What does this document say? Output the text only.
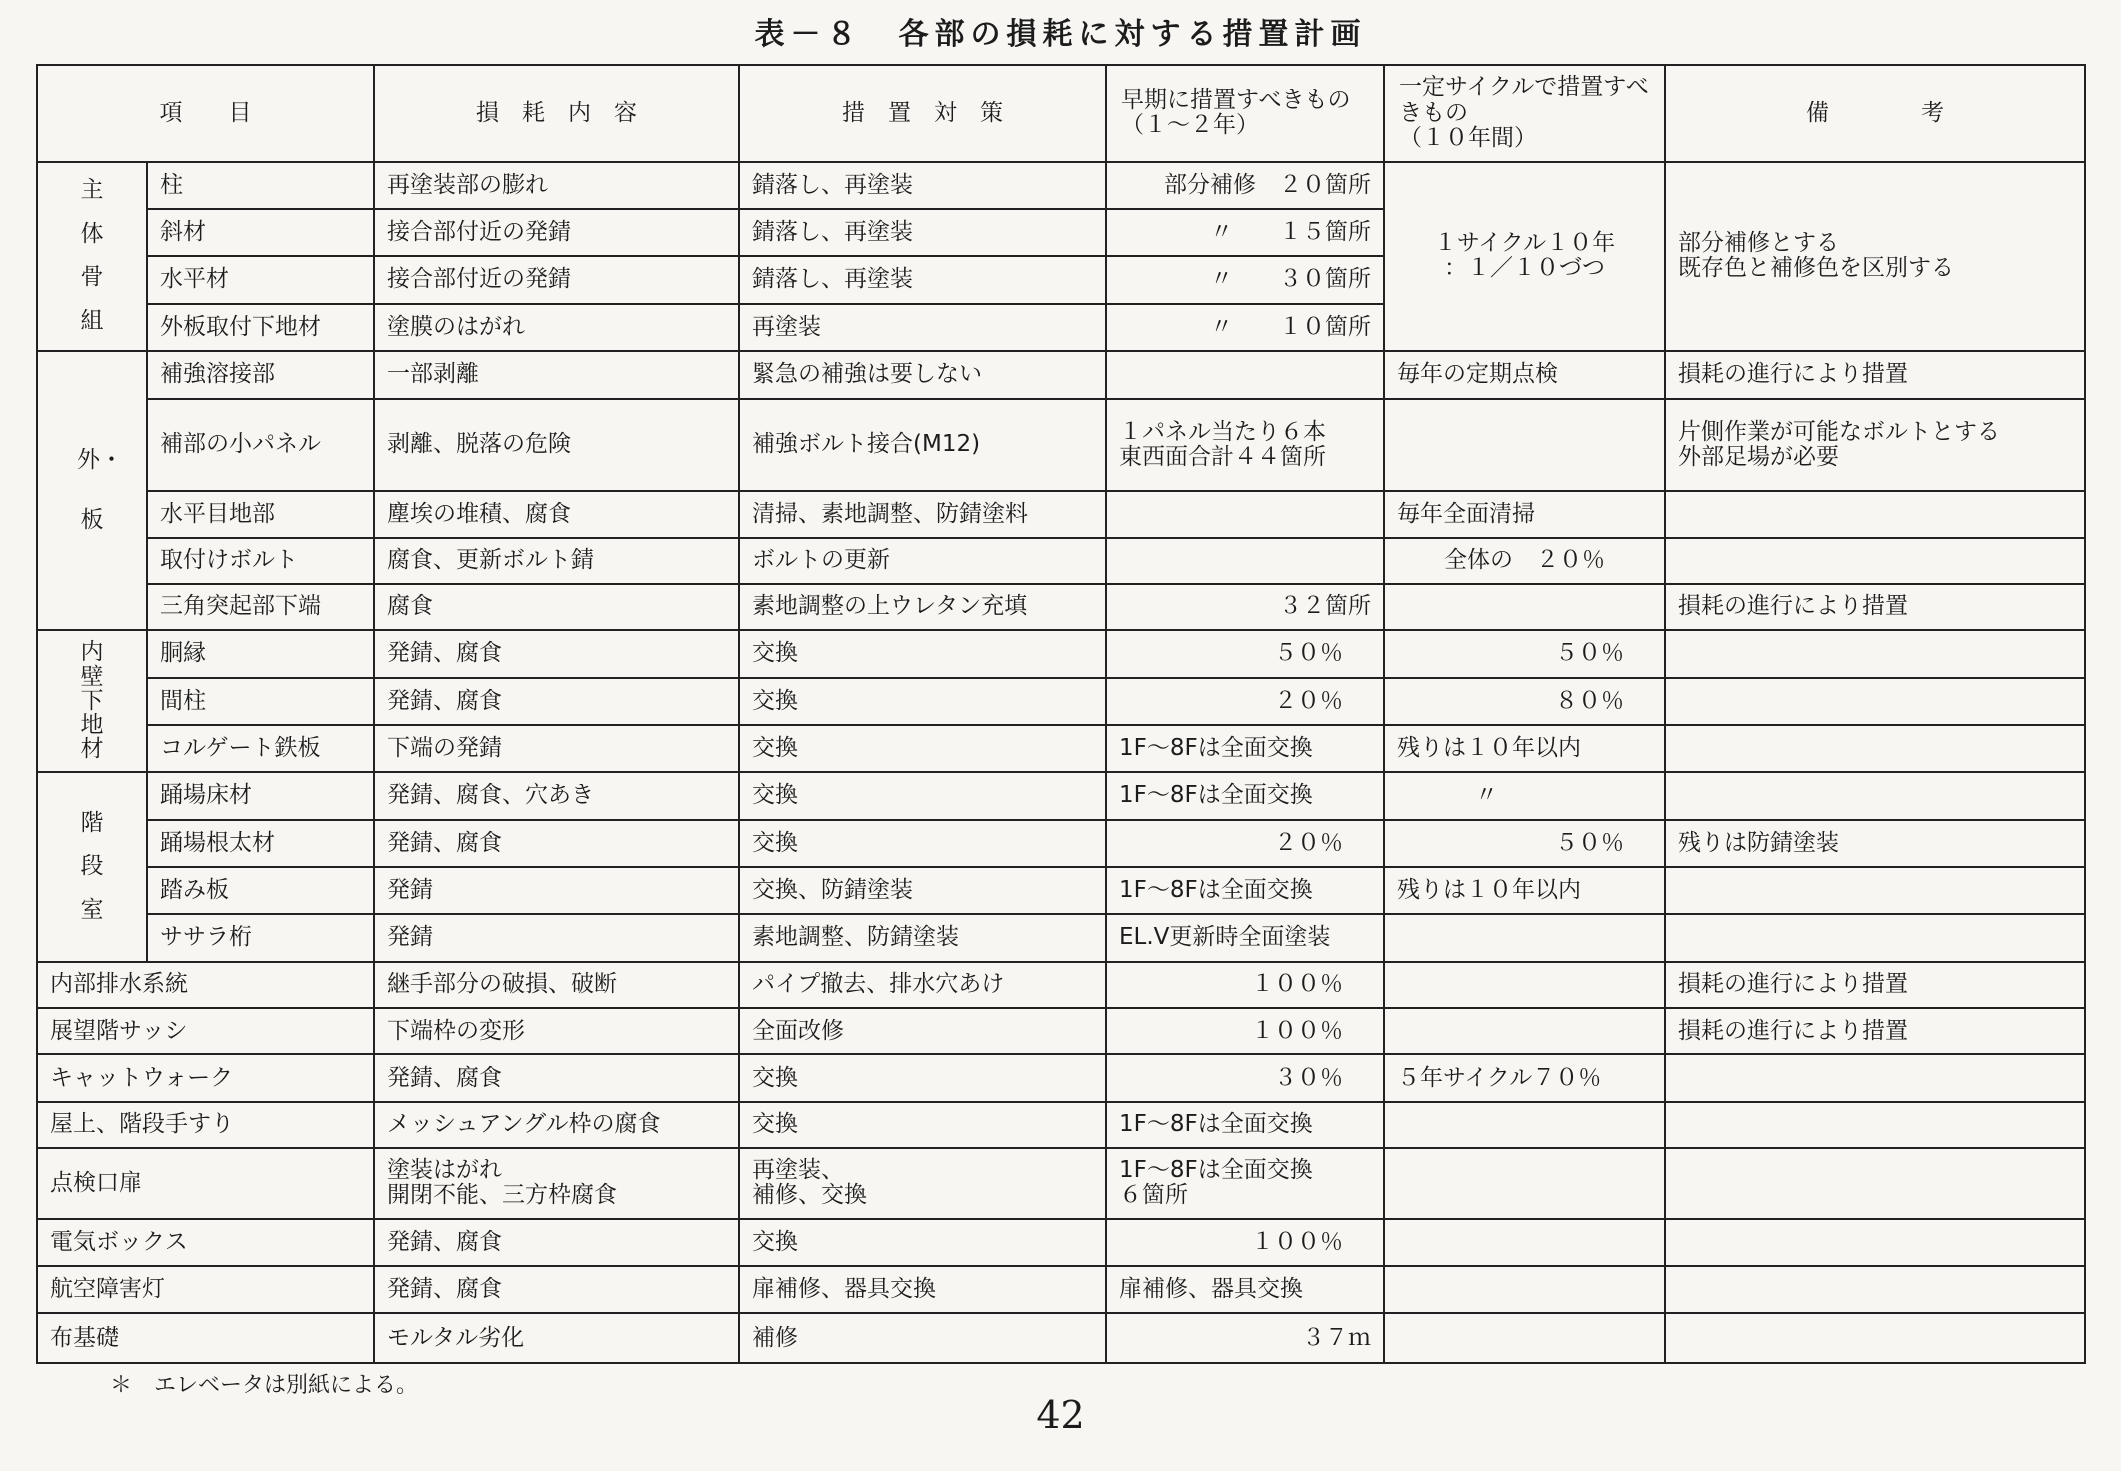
表－８　各部の損耗に対する措置計画
項　　目		損　耗　内　容	措　置　対　策	早期に措置すべきもの
（１～２年）	一定サイクルで措置すべきもの
（１０年間）	備　　　　考
主体骨組	柱	再塗装部の膨れ	錆落し、再塗装	部分補修　２０箇所	１サイクル１０年
：１／１０づつ	部分補修とする
既存色と補修色を区別する
	斜材	接合部付近の発錆	錆落し、再塗装	〃　　１５箇所		
	水平材	接合部付近の発錆	錆落し、再塗装	〃　　３０箇所		
	外板取付下地材	塗膜のはがれ	再塗装	〃　　１０箇所		
外・板	補強溶接部	一部剥離	緊急の補強は要しない		毎年の定期点検	損耗の進行により措置
	補部の小パネル	剥離、脱落の危険	補強ボルト接合(M12)	１パネル当たり６本
東西面合計４４箇所		片側作業が可能なボルトとする
外部足場が必要
	水平目地部	塵埃の堆積、腐食	清掃、素地調整、防錆塗料		毎年全面清掃	
	取付けボルト	腐食、更新ボルト錆	ボルトの更新		全体の　２０％	
	三角突起部下端	腐食	素地調整の上ウレタン充填	３２箇所		損耗の進行により措置
内壁下地材	胴縁	発錆、腐食	交換	５０％	５０％	
	間柱	発錆、腐食	交換	２０％	８０％	
	コルゲート鉄板	下端の発錆	交換	1F～8Fは全面交換	残りは１０年以内	
階段室	踊場床材	発錆、腐食、穴あき	交換	1F～8Fは全面交換	〃	
	踊場根太材	発錆、腐食	交換	２０％	５０％	残りは防錆塗装
	踏み板	発錆	交換、防錆塗装	1F～8Fは全面交換	残りは１０年以内	
	ササラ桁	発錆	素地調整、防錆塗装	EL.V更新時全面塗装		
内部排水系統		継手部分の破損、破断	パイプ撤去、排水穴あけ	１００％		損耗の進行により措置
展望階サッシ		下端枠の変形	全面改修	１００％		損耗の進行により措置
キャットウォーク		発錆、腐食	交換	３０％	５年サイクル７０％	
屋上、階段手すり		メッシュアングル枠の腐食	交換	1F～8Fは全面交換		
点検口扉		塗装はがれ
開閉不能、三方枠腐食	再塗装、
補修、交換	1F～8Fは全面交換
６箇所		
電気ボックス		発錆、腐食	交換	１００％		
航空障害灯		発錆、腐食	扉補修、器具交換	扉補修、器具交換		
布基礎		モルタル劣化	補修	３７ｍ		
＊　エレベータは別紙による。
42
